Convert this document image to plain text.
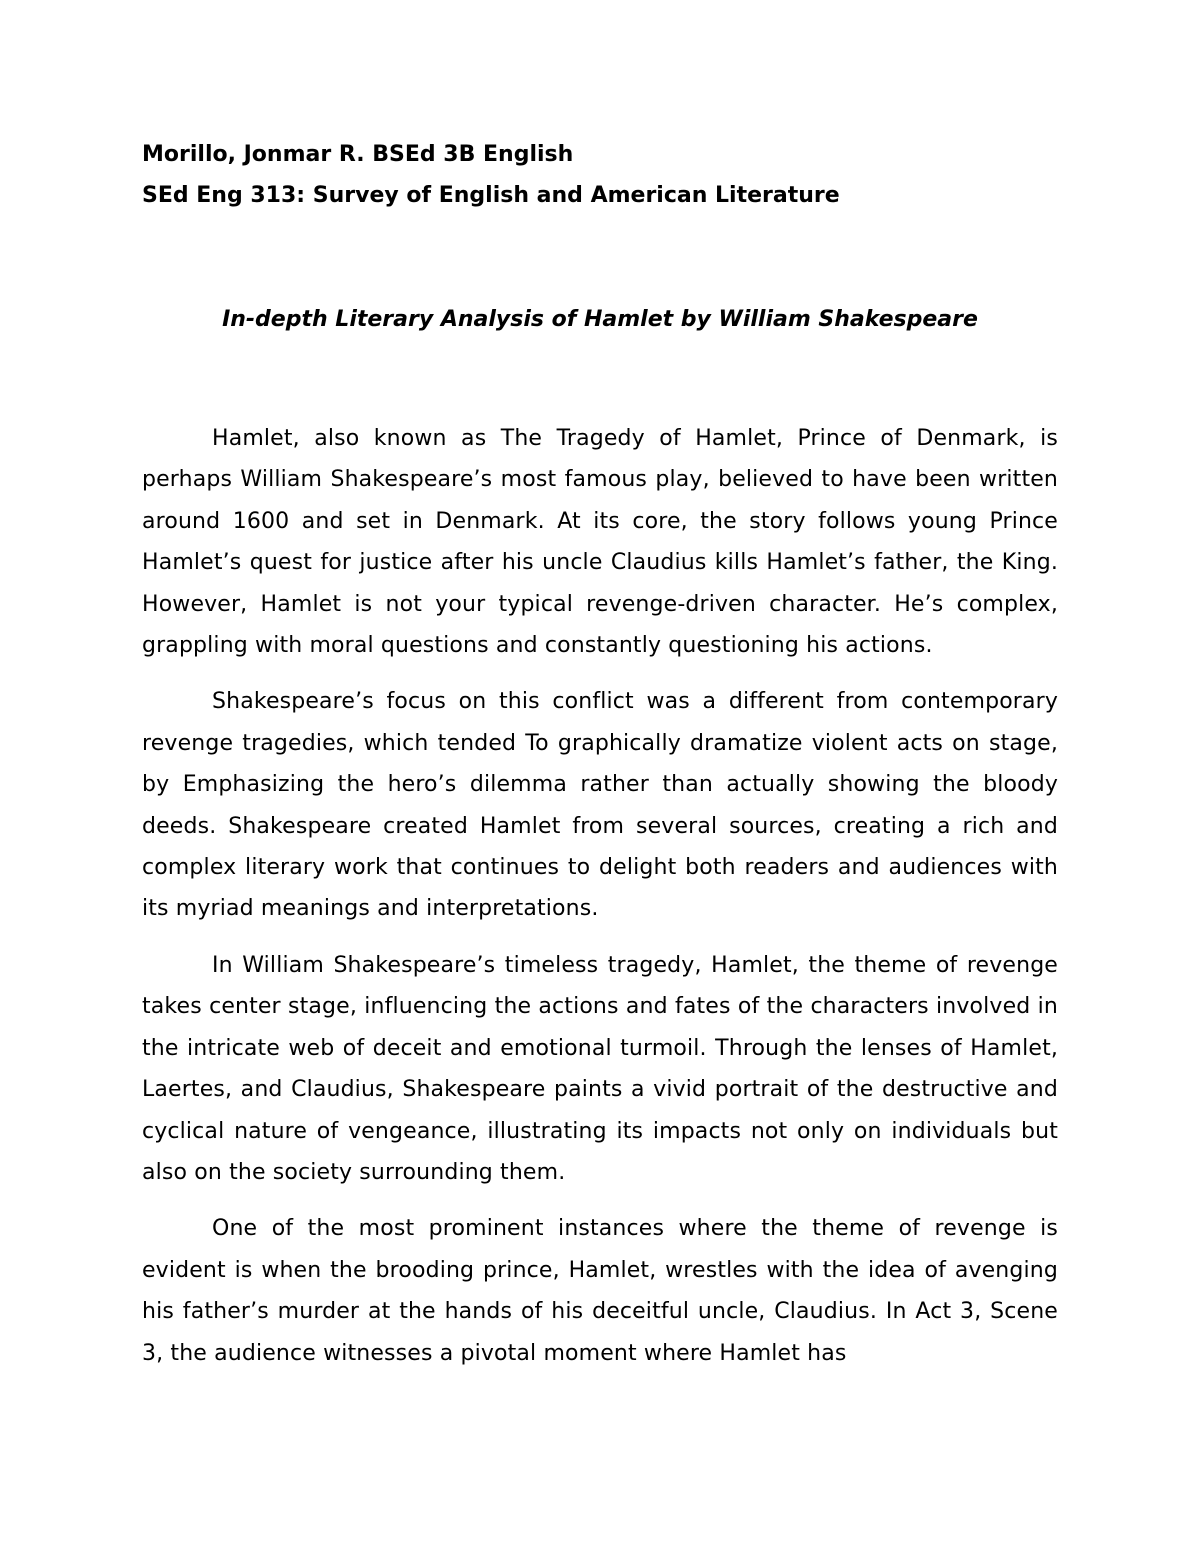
Morillo, Jonmar R. BSEd 3B English
SEd Eng 313: Survey of English and American Literature
In-depth Literary Analysis of Hamlet by William Shakespeare

Hamlet, also known as The Tragedy of Hamlet, Prince of Denmark, is perhaps William Shakespeare’s most famous play, believed to have been written around 1600 and set in Denmark. At its core, the story follows young Prince Hamlet’s quest for justice after his uncle Claudius kills Hamlet’s father, the King. However, Hamlet is not your typical revenge-driven character. He’s complex, grappling with moral questions and constantly questioning his actions.

Shakespeare’s focus on this conflict was a different from contemporary revenge tragedies, which tended To graphically dramatize violent acts on stage, by Emphasizing the hero’s dilemma rather than actually showing the bloody deeds. Shakespeare created Hamlet from several sources, creating a rich and complex literary work that continues to delight both readers and audiences with its myriad meanings and interpretations.

In William Shakespeare’s timeless tragedy, Hamlet, the theme of revenge takes center stage, influencing the actions and fates of the characters involved in the intricate web of deceit and emotional turmoil. Through the lenses of Hamlet, Laertes, and Claudius, Shakespeare paints a vivid portrait of the destructive and cyclical nature of vengeance, illustrating its impacts not only on individuals but also on the society surrounding them.

One of the most prominent instances where the theme of revenge is evident is when the brooding prince, Hamlet, wrestles with the idea of avenging his father’s murder at the hands of his deceitful uncle, Claudius. In Act 3, Scene 3, the audience witnesses a pivotal moment where Hamlet has
